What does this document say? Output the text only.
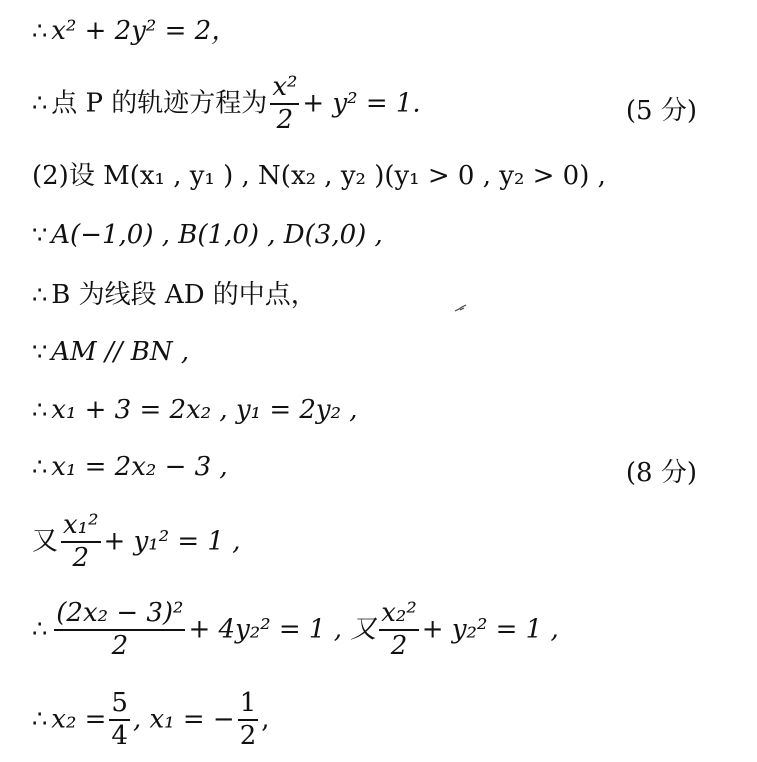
∴ x² + 2y² = 2，
∴ 点 P 的轨迹方程为 $\frac{\text{x²}}{2} + y^2 = 1$.	(5 分)
(2)设 M(x₁ , y₁ ) , N(x₂ , y₂ )(y₁ > 0 , y₂ > 0) ,
∵ A(−1,0) , B(1,0) , D(3,0) ,
∴ B 为线段 AD 的中点，
∵ AM // BN ,
∴ x₁ + 3 = 2x₂ , y₁ = 2y₂ ,
∴ x₁ = 2x₂ − 3 ,	(8 分)
又 $\frac{\text{x₁²}}{2} + y_1^2 = 1$ ,
∴ $\frac{\text{(2x₂ − 3)²}}{2} + 4y_2^2 = 1$ , 又 $\frac{\text{x₂²}}{2} + y_2^2 = 1$ ,
∴ $x_2 = \frac{5}{4}$ , x₁ = − $\frac{1}{2}$ ,
